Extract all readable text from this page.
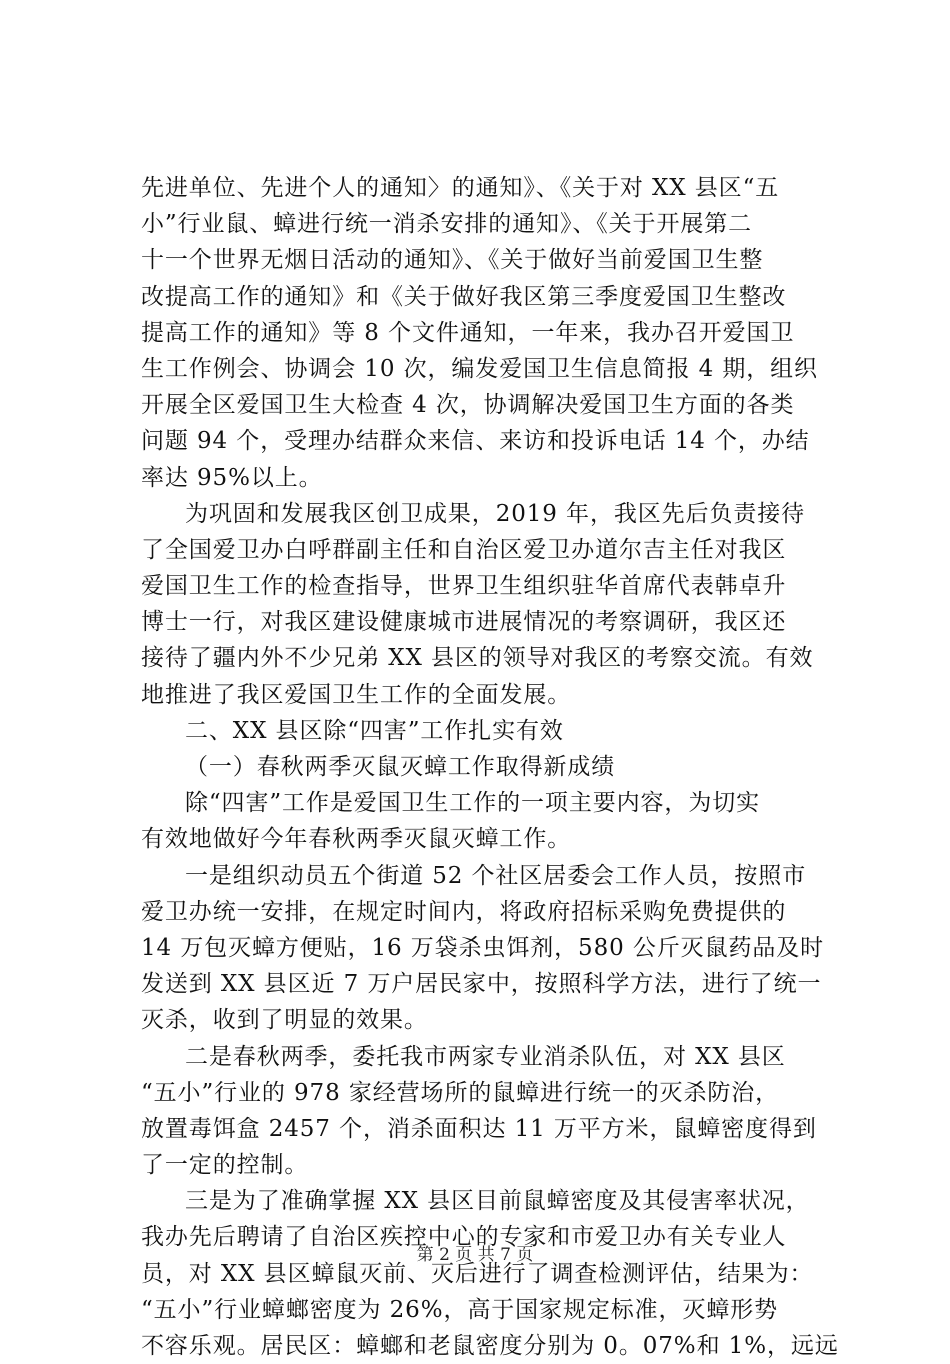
先进单位、先进个人的通知〉的通知》、《关于对 XX 县区“五
小”行业鼠、蟑进行统一消杀安排的通知》、《关于开展第二
十一个世界无烟日活动的通知》、《关于做好当前爱国卫生整
改提高工作的通知》和《关于做好我区第三季度爱国卫生整改
提高工作的通知》等 8 个文件通知，一年来，我办召开爱国卫
生工作例会、协调会 10 次，编发爱国卫生信息简报 4 期，组织
开展全区爱国卫生大检查 4 次，协调解决爱国卫生方面的各类
问题 94 个，受理办结群众来信、来访和投诉电话 14 个，办结
率达 95%以上。
为巩固和发展我区创卫成果，2019 年，我区先后负责接待
了全国爱卫办白呼群副主任和自治区爱卫办道尔吉主任对我区
爱国卫生工作的检查指导，世界卫生组织驻华首席代表韩卓升
博士一行，对我区建设健康城市进展情况的考察调研，我区还
接待了疆内外不少兄弟 XX 县区的领导对我区的考察交流。有效
地推进了我区爱国卫生工作的全面发展。
二、XX 县区除“四害”工作扎实有效
（一）春秋两季灭鼠灭蟑工作取得新成绩
除“四害”工作是爱国卫生工作的一项主要内容，为切实
有效地做好今年春秋两季灭鼠灭蟑工作。
一是组织动员五个街道 52 个社区居委会工作人员，按照市
爱卫办统一安排，在规定时间内，将政府招标采购免费提供的
14 万包灭蟑方便贴，16 万袋杀虫饵剂，580 公斤灭鼠药品及时
发送到 XX 县区近 7 万户居民家中，按照科学方法，进行了统一
灭杀，收到了明显的效果。
二是春秋两季，委托我市两家专业消杀队伍，对 XX 县区
“五小”行业的 978 家经营场所的鼠蟑进行统一的灭杀防治，
放置毒饵盒 2457 个，消杀面积达 11 万平方米，鼠蟑密度得到
了一定的控制。
三是为了准确掌握 XX 县区目前鼠蟑密度及其侵害率状况，
我办先后聘请了自治区疾控中心的专家和市爱卫办有关专业人
员，对 XX 县区蟑鼠灭前、灭后进行了调查检测评估，结果为：
“五小”行业蟑螂密度为 26%，高于国家规定标准，灭蟑形势
不容乐观。居民区：蟑螂和老鼠密度分别为 0。07%和 1%，远远
第 2 页 共 7 页
